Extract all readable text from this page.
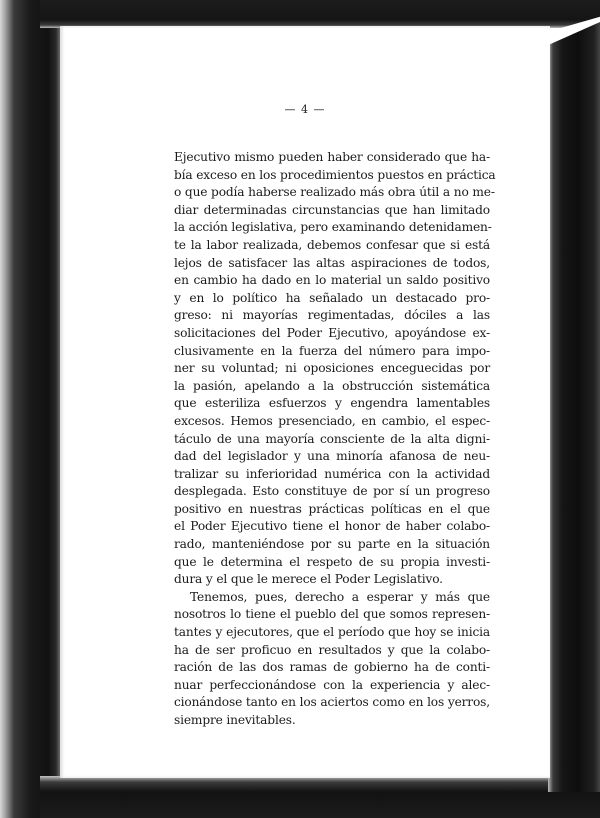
— 4 —
Ejecutivo mismo pueden haber considerado que ha-
bía exceso en los procedimientos puestos en práctica
o que podía haberse realizado más obra útil a no me-
diar determinadas circunstancias que han limitado
la acción legislativa, pero examinando detenidamen-
te la labor realizada, debemos confesar que si está
lejos de satisfacer las altas aspiraciones de todos,
en cambio ha dado en lo material un saldo positivo
y en lo político ha señalado un destacado pro-
greso: ni mayorías regimentadas, dóciles a las
solicitaciones del Poder Ejecutivo, apoyándose ex-
clusivamente en la fuerza del número para impo-
ner su voluntad; ni oposiciones enceguecidas por
la pasión, apelando a la obstrucción sistemática
que esteriliza esfuerzos y engendra lamentables
excesos. Hemos presenciado, en cambio, el espec-
táculo de una mayoría consciente de la alta digni-
dad del legislador y una minoría afanosa de neu-
tralizar su inferioridad numérica con la actividad
desplegada. Esto constituye de por sí un progreso
positivo en nuestras prácticas políticas en el que
el Poder Ejecutivo tiene el honor de haber colabo-
rado, manteniéndose por su parte en la situación
que le determina el respeto de su propia investi-
dura y el que le merece el Poder Legislativo.
Tenemos, pues, derecho a esperar y más que
nosotros lo tiene el pueblo del que somos represen-
tantes y ejecutores, que el período que hoy se inicia
ha de ser proficuo en resultados y que la colabo-
ración de las dos ramas de gobierno ha de conti-
nuar perfeccionándose con la experiencia y alec-
cionándose tanto en los aciertos como en los yerros,
siempre inevitables.
